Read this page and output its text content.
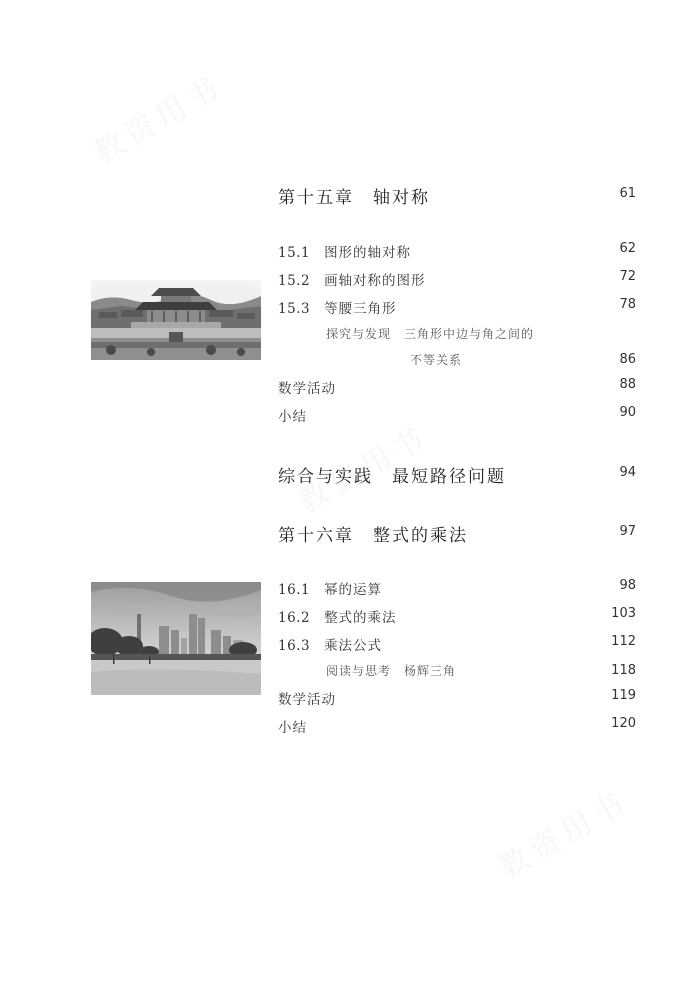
第十五章　轴对称	61
15.1 图形的轴对称	62
15.2 画轴对称的图形	72
15.3 等腰三角形	78
探究与发现　三角形中边与角之间的
不等关系	86
数学活动	88
小结	90
综合与实践　最短路径问题	94
第十六章　整式的乘法	97
16.1 幂的运算	98
16.2 整式的乘法	103
16.3 乘法公式	112
阅读与思考　杨辉三角	118
数学活动	119
小结	120
